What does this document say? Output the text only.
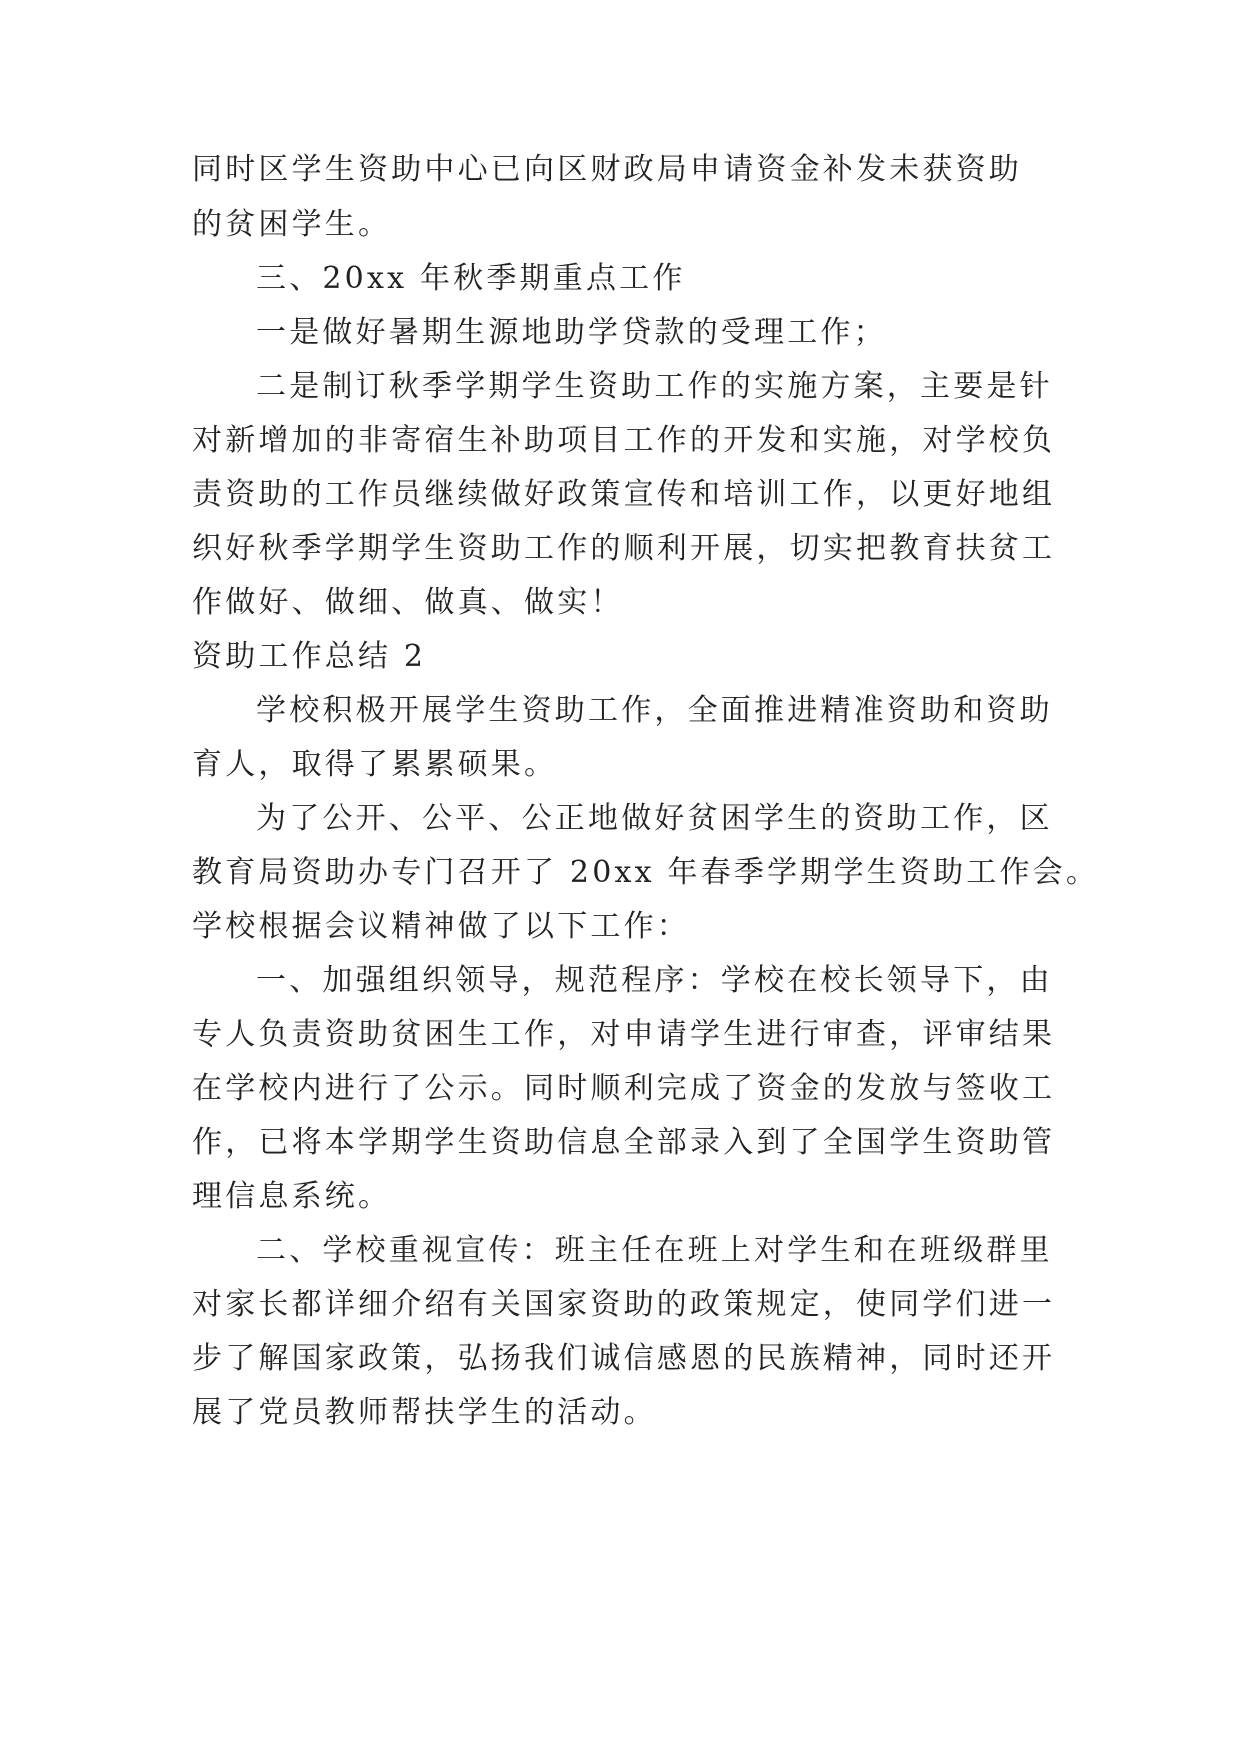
同时区学生资助中心已向区财政局申请资金补发未获资助
的贫困学生。
三、20xx 年秋季期重点工作
一是做好暑期生源地助学贷款的受理工作；
二是制订秋季学期学生资助工作的实施方案，主要是针
对新增加的非寄宿生补助项目工作的开发和实施，对学校负
责资助的工作员继续做好政策宣传和培训工作，以更好地组
织好秋季学期学生资助工作的顺利开展，切实把教育扶贫工
作做好、做细、做真、做实！
资助工作总结 2
学校积极开展学生资助工作，全面推进精准资助和资助
育人，取得了累累硕果。
为了公开、公平、公正地做好贫困学生的资助工作，区
教育局资助办专门召开了 20xx 年春季学期学生资助工作会。
学校根据会议精神做了以下工作：
一、加强组织领导，规范程序：学校在校长领导下，由
专人负责资助贫困生工作，对申请学生进行审查，评审结果
在学校内进行了公示。同时顺利完成了资金的发放与签收工
作，已将本学期学生资助信息全部录入到了全国学生资助管
理信息系统。
二、学校重视宣传：班主任在班上对学生和在班级群里
对家长都详细介绍有关国家资助的政策规定，使同学们进一
步了解国家政策，弘扬我们诚信感恩的民族精神，同时还开
展了党员教师帮扶学生的活动。
